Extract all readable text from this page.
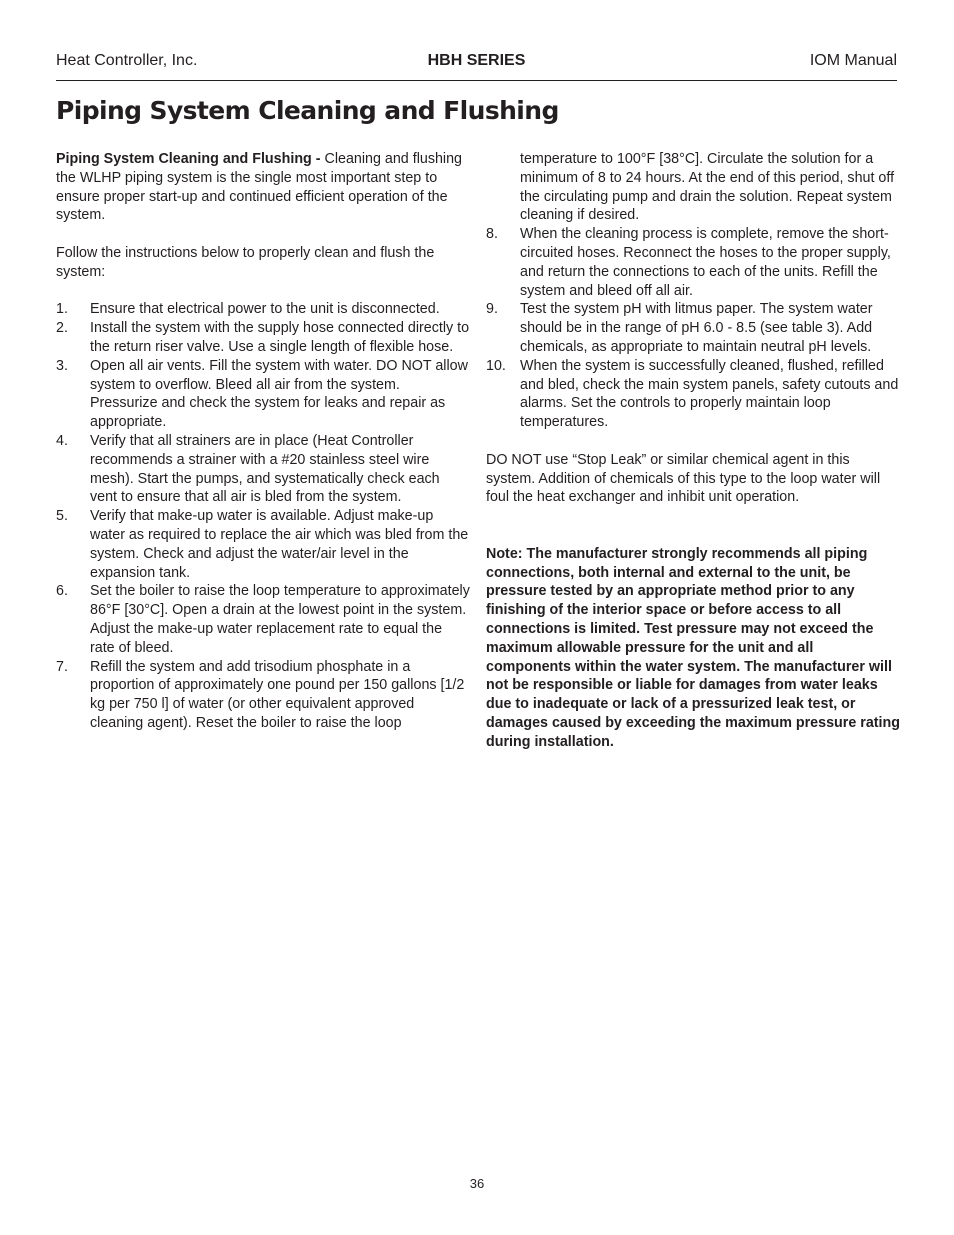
Heat Controller, Inc.	HBH SERIES	IOM Manual
Piping System Cleaning and Flushing

Piping System Cleaning and Flushing - Cleaning and flushing the WLHP piping system is the single most important step to ensure proper start-up and continued efficient operation of the system.

Follow the instructions below to properly clean and flush the system:

1. Ensure that electrical power to the unit is disconnected.
2. Install the system with the supply hose connected directly to the return riser valve. Use a single length of flexible hose.
3. Open all air vents. Fill the system with water. DO NOT allow system to overflow. Bleed all air from the system. Pressurize and check the system for leaks and repair as appropriate.
4. Verify that all strainers are in place (Heat Controller recommends a strainer with a #20 stainless steel wire mesh). Start the pumps, and systematically check each vent to ensure that all air is bled from the system.
5. Verify that make-up water is available. Adjust make-up water as required to replace the air which was bled from the system. Check and adjust the water/air level in the expansion tank.
6. Set the boiler to raise the loop temperature to approximately 86°F [30°C]. Open a drain at the lowest point in the system. Adjust the make-up water replacement rate to equal the rate of bleed.
7. Refill the system and add trisodium phosphate in a proportion of approximately one pound per 150 gallons [1/2 kg per 750 l] of water (or other equivalent approved cleaning agent). Reset the boiler to raise the loop

temperature to 100°F [38°C]. Circulate the solution for a minimum of 8 to 24 hours. At the end of this period, shut off the circulating pump and drain the solution. Repeat system cleaning if desired.

8. When the cleaning process is complete, remove the short-circuited hoses. Reconnect the hoses to the proper supply, and return the connections to each of the units. Refill the system and bleed off all air.
9. Test the system pH with litmus paper. The system water should be in the range of pH 6.0 - 8.5 (see table 3). Add chemicals, as appropriate to maintain neutral pH levels.
10. When the system is successfully cleaned, flushed, refilled and bled, check the main system panels, safety cutouts and alarms. Set the controls to properly maintain loop temperatures.

DO NOT use “Stop Leak” or similar chemical agent in this system. Addition of chemicals of this type to the loop water will foul the heat exchanger and inhibit unit operation.

Note: The manufacturer strongly recommends all piping connections, both internal and external to the unit, be pressure tested by an appropriate method prior to any finishing of the interior space or before access to all connections is limited. Test pressure may not exceed the maximum allowable pressure for the unit and all components within the water system. The manufacturer will not be responsible or liable for damages from water leaks due to inadequate or lack of a pressurized leak test, or damages caused by exceeding the maximum pressure rating during installation.

36
